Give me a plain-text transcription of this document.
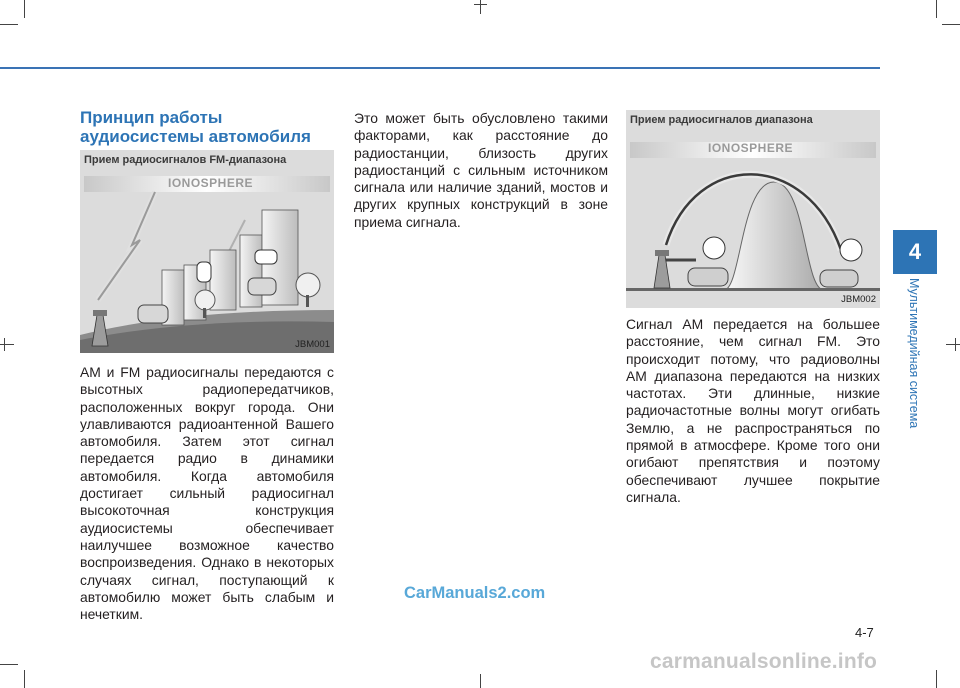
Принцип работы
аудиосистемы автомобиля
Прием радиосигналов FM-диапазона
IONOSPHERE
JBM001
Прием радиосигналов диапазона
IONOSPHERE
JBM002

AM и FM радиосигналы передаются с высотных радиопередатчиков, расположенных вокруг города. Они улавливаются радиоантенной Вашего автомобиля. Затем этот сигнал передается радио в динамики автомобиля. Когда автомобиля достигает сильный радиосигнал высокоточная конструкция аудиосистемы обеспечивает наилучшее возможное качество воспроизведения. Однако в некоторых случаях сигнал, поступающий к автомобилю может быть слабым и нечетким.

Это может быть обусловлено такими факторами, как расстояние до радиостанции, близость других радиостанций с сильным источником сигнала или наличие зданий, мостов и других крупных конструкций в зоне приема сигнала.

Сигнал AM передается на большее расстояние, чем сигнал FM. Это происходит потому, что радиоволны AM диапазона передаются на низких частотах. Эти длинные, низкие радиочастотные волны могут огибать Землю, а не распространяться по прямой в атмосфере. Кроме того они огибают препятствия и поэтому обеспечивают лучшее покрытие сигнала.

CarManuals2.com
4
Мультимедийная система
4-7
carmanualsonline.info
